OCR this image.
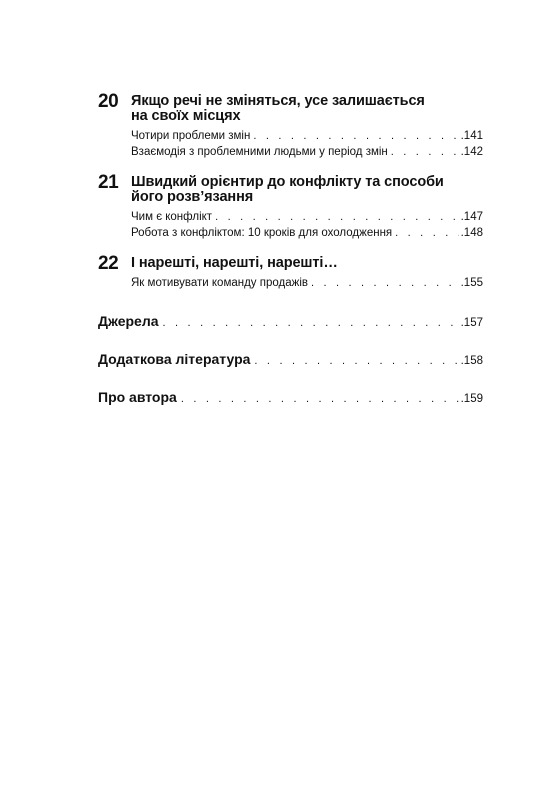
20 Якщо речі не зміняться, усе залишається
на своїх місцях
Чотири проблеми змін . . .	.141
Взаємодія з проблемними людьми у період змін . . .	.142
21 Швидкий орієнтир до конфлікту та способи
його розв’язання
Чим є конфлікт . . .	.147
Робота з конфліктом: 10 кроків для охолодження . . .	.148
22 І нарешті, нарешті, нарешті…
Як мотивувати команду продажів . . .	.155
Джерела . . .	.157
Додаткова література . . .	.158
Про автора . . .	.159
